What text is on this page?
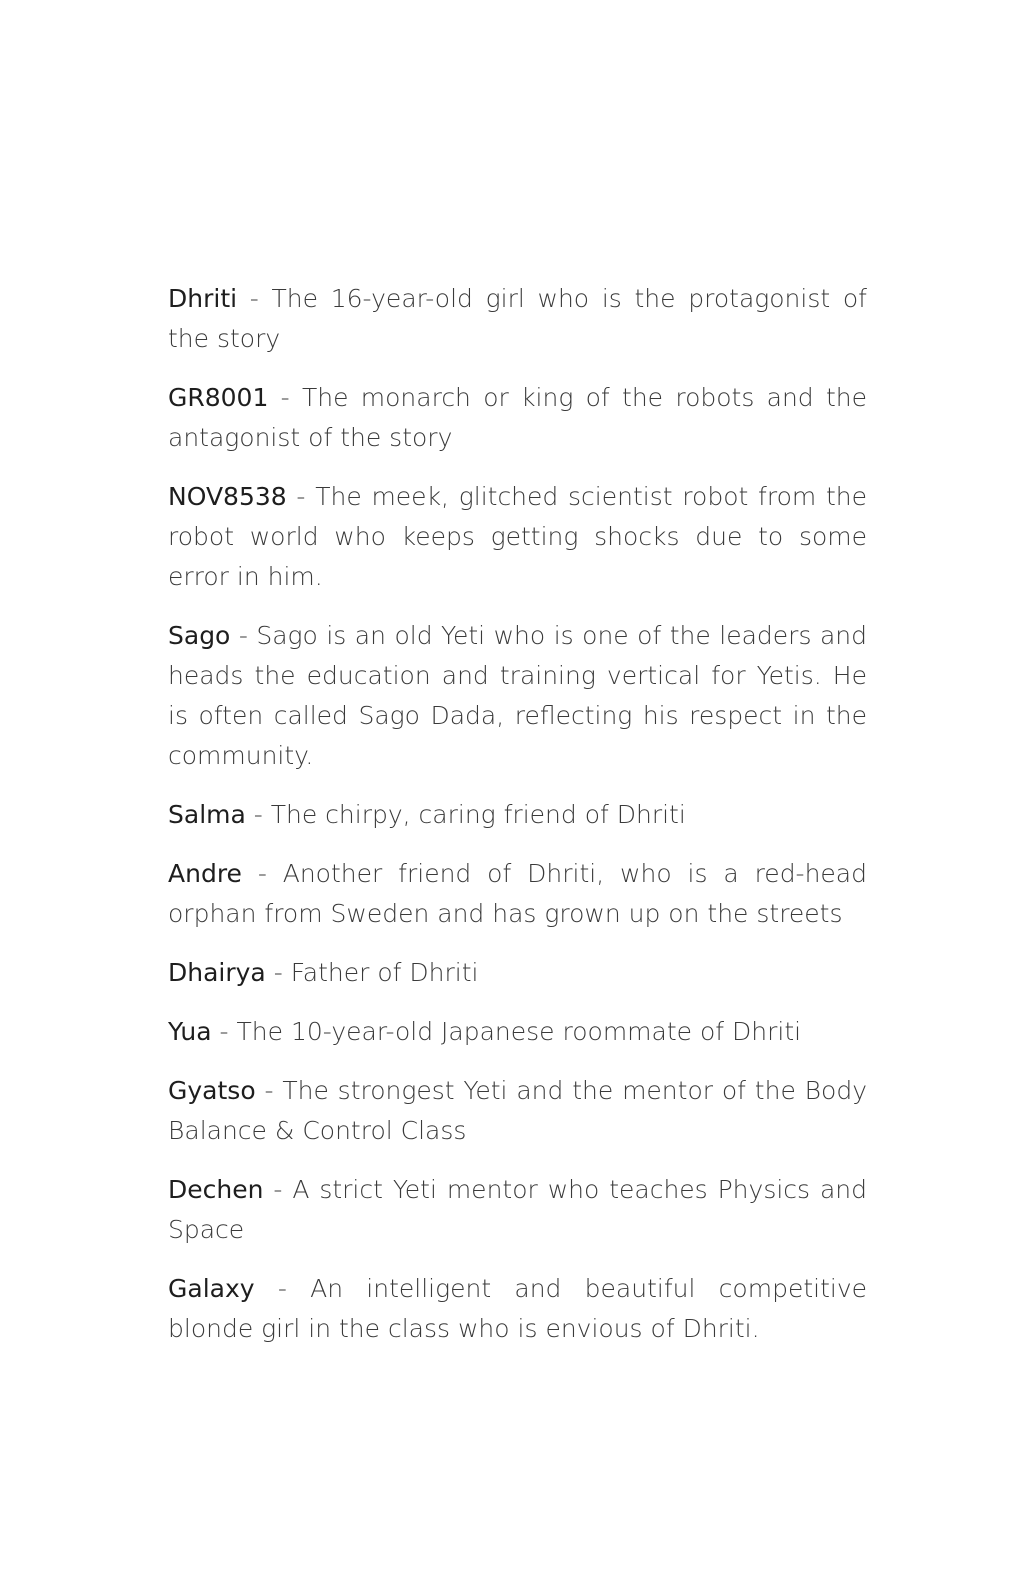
Dhriti - The 16-year-old girl who is the protagonist of the story
GR8001 - The monarch or king of the robots and the antagonist of the story
NOV8538 - The meek, glitched scientist robot from the robot world who keeps getting shocks due to some error in him.
Sago - Sago is an old Yeti who is one of the leaders and heads the education and training vertical for Yetis. He is often called Sago Dada, reflecting his respect in the community.
Salma - The chirpy, caring friend of Dhriti
Andre - Another friend of Dhriti, who is a red-head orphan from Sweden and has grown up on the streets
Dhairya - Father of Dhriti
Yua - The 10-year-old Japanese roommate of Dhriti
Gyatso - The strongest Yeti and the mentor of the Body Balance & Control Class
Dechen - A strict Yeti mentor who teaches Physics and Space
Galaxy - An intelligent and beautiful competitive blonde girl in the class who is envious of Dhriti.
